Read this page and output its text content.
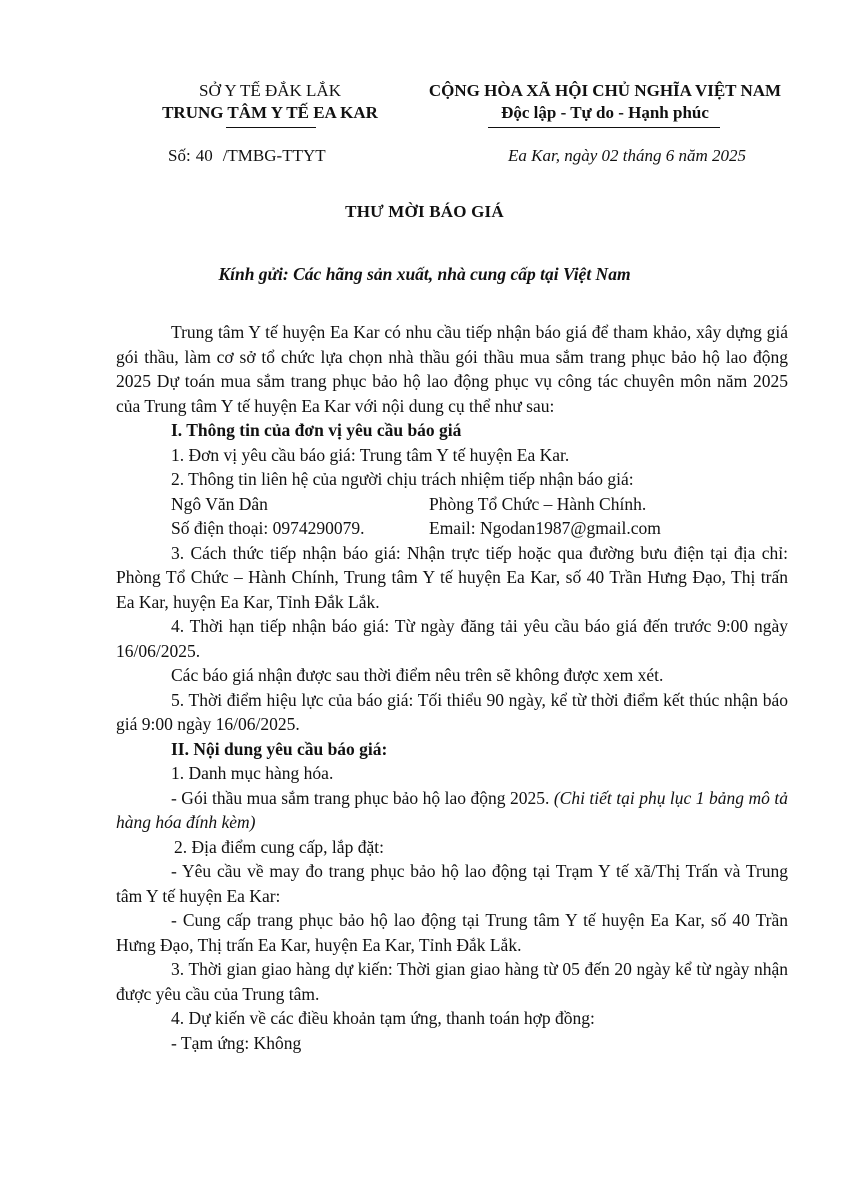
SỞ Y TẾ ĐẮK LẮK
TRUNG TÂM Y TẾ EA KAR
CỘNG HÒA XÃ HỘI CHỦ NGHĨA VIỆT NAM
Độc lập - Tự do - Hạnh phúc
Số: 40 /TMBG-TTYT	Ea Kar, ngày 02 tháng 6 năm 2025
THƯ MỜI BÁO GIÁ
Kính gửi: Các hãng sản xuất, nhà cung cấp tại Việt Nam

Trung tâm Y tế huyện Ea Kar có nhu cầu tiếp nhận báo giá để tham khảo, xây dựng giá gói thầu, làm cơ sở tổ chức lựa chọn nhà thầu gói thầu mua sắm trang phục bảo hộ lao động 2025 Dự toán mua sắm trang phục bảo hộ lao động phục vụ công tác chuyên môn năm 2025 của Trung tâm Y tế huyện Ea Kar với nội dung cụ thể như sau:

I. Thông tin của đơn vị yêu cầu báo giá

1. Đơn vị yêu cầu báo giá: Trung tâm Y tế huyện Ea Kar.

2. Thông tin liên hệ của người chịu trách nhiệm tiếp nhận báo giá:

Ngô Văn Dân	Phòng Tổ Chức – Hành Chính.
Số điện thoại: 0974290079.	Email: Ngodan1987@gmail.com

3. Cách thức tiếp nhận báo giá: Nhận trực tiếp hoặc qua đường bưu điện tại địa chỉ: Phòng Tổ Chức – Hành Chính, Trung tâm Y tế huyện Ea Kar, số 40 Trần Hưng Đạo, Thị trấn Ea Kar, huyện Ea Kar, Tỉnh Đắk Lắk.

4. Thời hạn tiếp nhận báo giá: Từ ngày đăng tải yêu cầu báo giá đến trước 9:00 ngày 16/06/2025.

Các báo giá nhận được sau thời điểm nêu trên sẽ không được xem xét.

5. Thời điểm hiệu lực của báo giá: Tối thiểu 90 ngày, kể từ thời điểm kết thúc nhận báo giá 9:00 ngày 16/06/2025.

II. Nội dung yêu cầu báo giá:

1. Danh mục hàng hóa.

- Gói thầu mua sắm trang phục bảo hộ lao động 2025. (Chi tiết tại phụ lục 1 bảng mô tả hàng hóa đính kèm)

2. Địa điểm cung cấp, lắp đặt:

- Yêu cầu về may đo trang phục bảo hộ lao động tại Trạm Y tế xã/Thị Trấn và Trung tâm Y tế huyện Ea Kar:

- Cung cấp trang phục bảo hộ lao động tại Trung tâm Y tế huyện Ea Kar, số 40 Trần Hưng Đạo, Thị trấn Ea Kar, huyện Ea Kar, Tỉnh Đắk Lắk.

3. Thời gian giao hàng dự kiến: Thời gian giao hàng từ 05 đến 20 ngày kể từ ngày nhận được yêu cầu của Trung tâm.

4. Dự kiến về các điều khoản tạm ứng, thanh toán hợp đồng:

- Tạm ứng: Không
